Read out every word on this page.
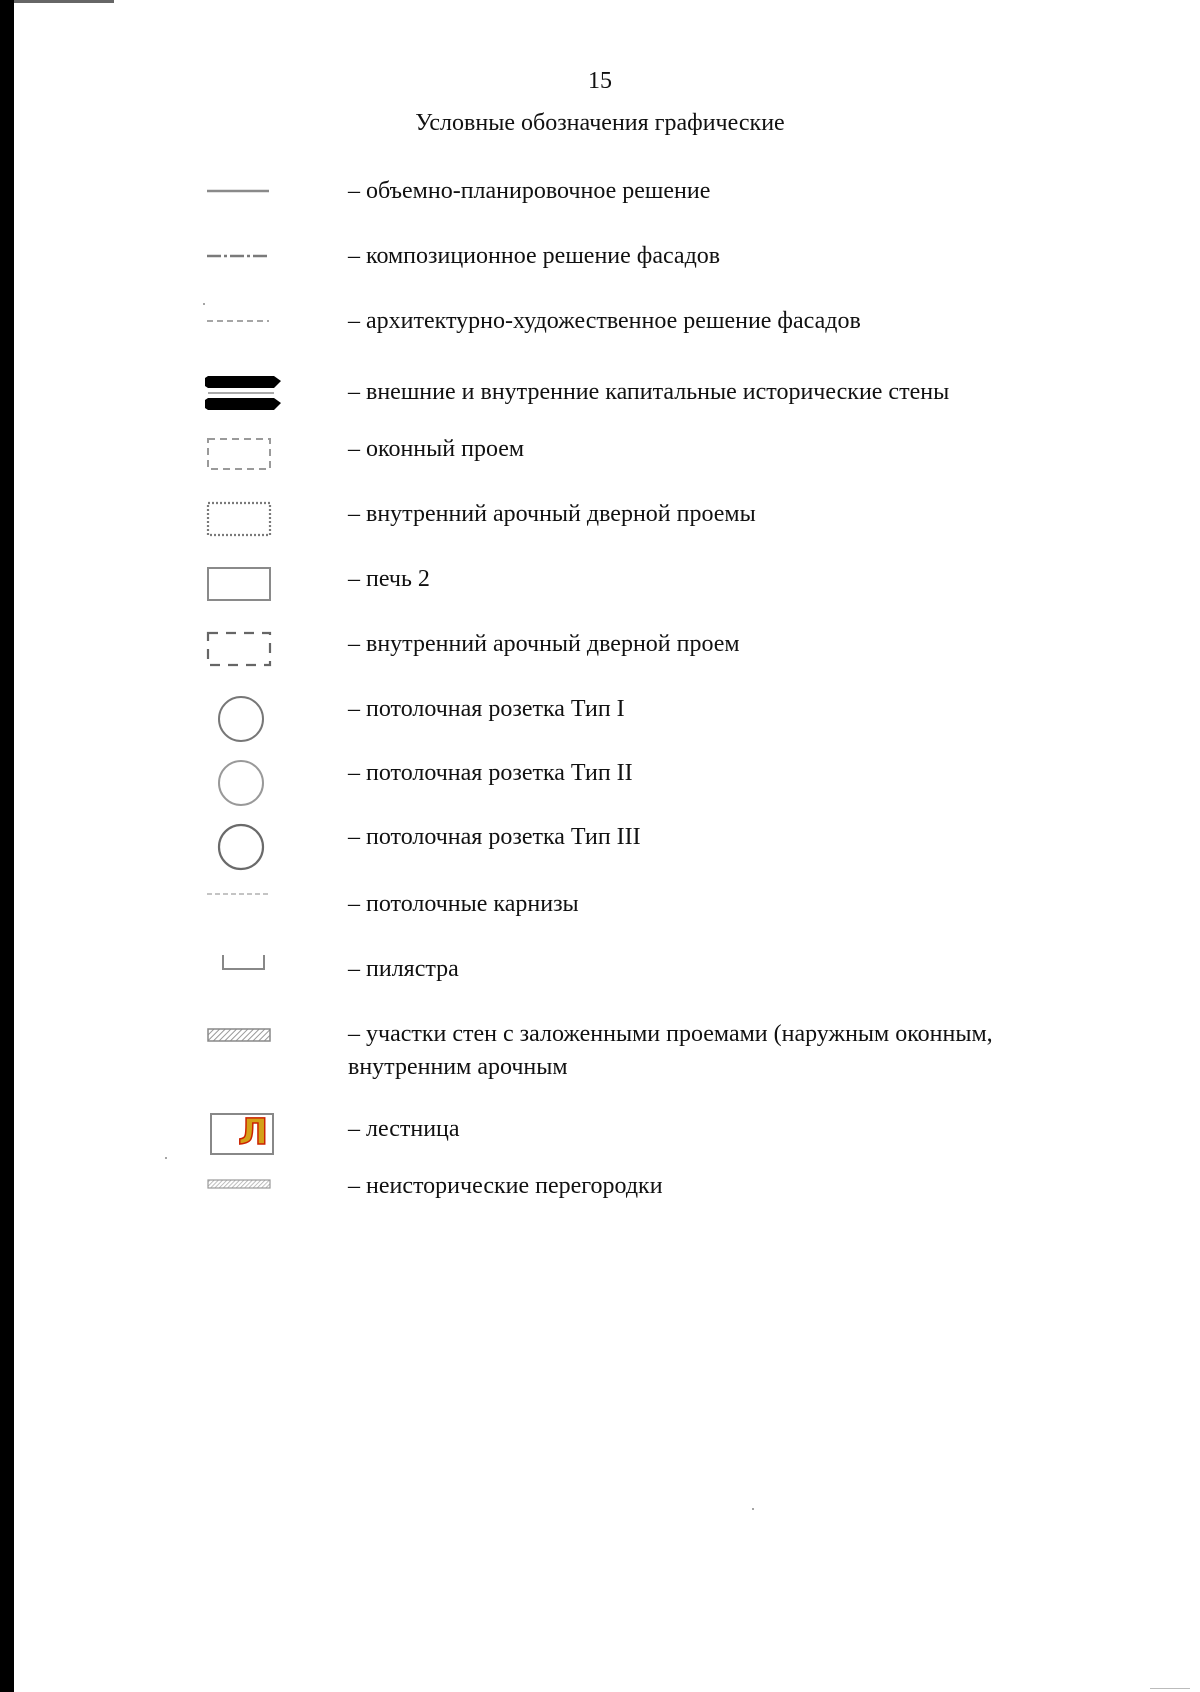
15
Условные обозначения графические
– объемно-планировочное решение
– композиционное решение фасадов
– архитектурно-художественное решение фасадов
– внешние и внутренние капитальные исторические стены
– оконный проем
– внутренний арочный дверной проемы
– печь 2
– внутренний арочный дверной проем
– потолочная розетка Тип I
– потолочная розетка Тип II
– потолочная розетка Тип III
– потолочные карнизы
– пилястра
– участки стен с заложенными проемами (наружным оконным,
внутренним арочным
Л	– лестница
– неисторические перегородки
